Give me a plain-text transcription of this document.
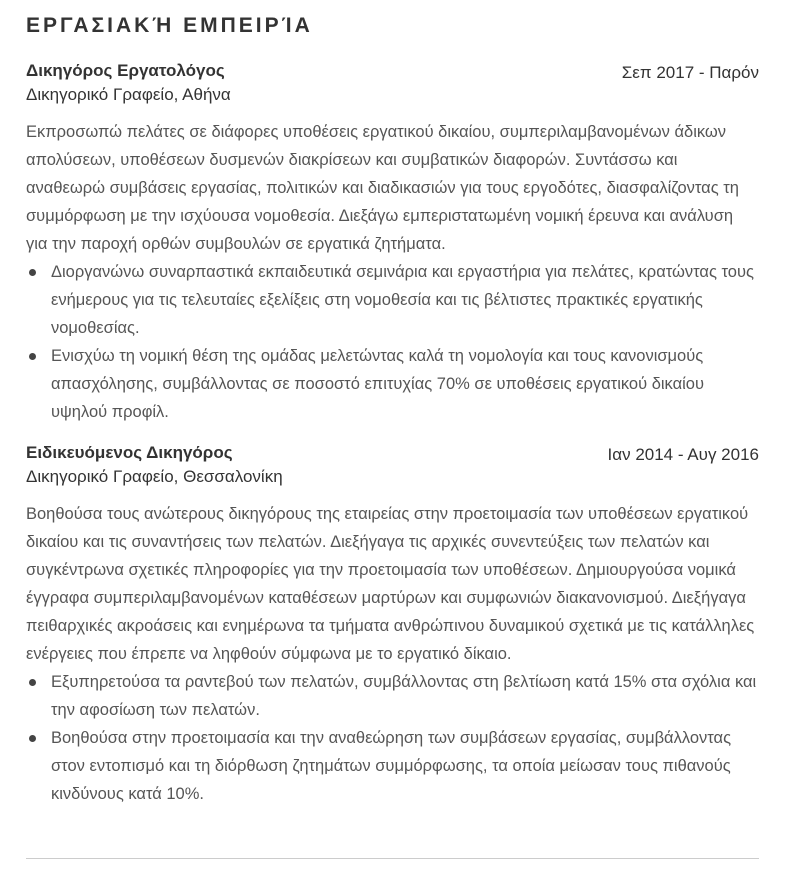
ΕΡΓΑΣΙΑΚΉ ΕΜΠΕΙΡΊΑ
Δικηγόρος Εργατολόγος	Σεπ 2017 - Παρόν
Δικηγορικό Γραφείο, Αθήνα

Εκπροσωπώ πελάτες σε διάφορες υποθέσεις εργατικού δικαίου, συμπεριλαμβανομένων άδικων απολύσεων, υποθέσεων δυσμενών διακρίσεων και συμβατικών διαφορών. Συντάσσω και αναθεωρώ συμβάσεις εργασίας, πολιτικών και διαδικασιών για τους εργοδότες, διασφαλίζοντας τη συμμόρφωση με την ισχύουσα νομοθεσία. Διεξάγω εμπεριστατωμένη νομική έρευνα και ανάλυση για την παροχή ορθών συμβουλών σε εργατικά ζητήματα.

Διοργανώνω συναρπαστικά εκπαιδευτικά σεμινάρια και εργαστήρια για πελάτες, κρατώντας τους ενήμερους για τις τελευταίες εξελίξεις στη νομοθεσία και τις βέλτιστες πρακτικές εργατικής νομοθεσίας.
Ενισχύω τη νομική θέση της ομάδας μελετώντας καλά τη νομολογία και τους κανονισμούς απασχόλησης, συμβάλλοντας σε ποσοστό επιτυχίας 70% σε υποθέσεις εργατικού δικαίου υψηλού προφίλ.
Ειδικευόμενος Δικηγόρος	Ιαν 2014 - Αυγ 2016
Δικηγορικό Γραφείο, Θεσσαλονίκη

Βοηθούσα τους ανώτερους δικηγόρους της εταιρείας στην προετοιμασία των υποθέσεων εργατικού δικαίου και τις συναντήσεις των πελατών. Διεξήγαγα τις αρχικές συνεντεύξεις των πελατών και συγκέντρωνα σχετικές πληροφορίες για την προετοιμασία των υποθέσεων. Δημιουργούσα νομικά έγγραφα συμπεριλαμβανομένων καταθέσεων μαρτύρων και συμφωνιών διακανονισμού. Διεξήγαγα πειθαρχικές ακροάσεις και ενημέρωνα τα τμήματα ανθρώπινου δυναμικού σχετικά με τις κατάλληλες ενέργειες που έπρεπε να ληφθούν σύμφωνα με το εργατικό δίκαιο.

Εξυπηρετούσα τα ραντεβού των πελατών, συμβάλλοντας στη βελτίωση κατά 15% στα σχόλια και την αφοσίωση των πελατών.
Βοηθούσα στην προετοιμασία και την αναθεώρηση των συμβάσεων εργασίας, συμβάλλοντας στον εντοπισμό και τη διόρθωση ζητημάτων συμμόρφωσης, τα οποία μείωσαν τους πιθανούς κινδύνους κατά 10%.
